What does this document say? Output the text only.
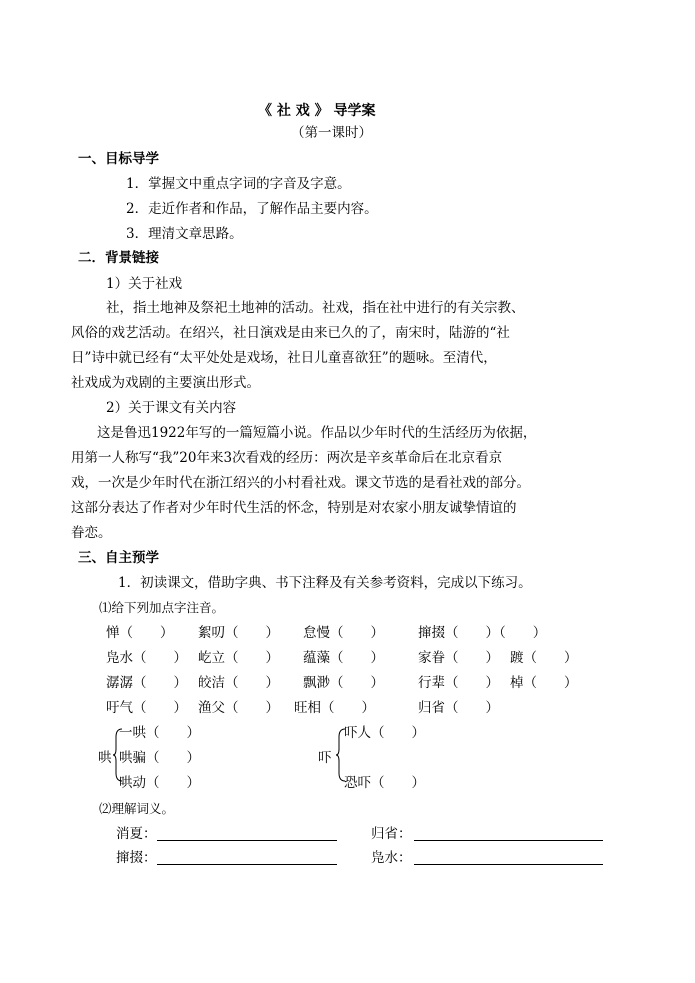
《 社 戏 》 导学案
（第一课时）
一、目标导学
1．掌握文中重点字词的字音及字意。
2．走近作者和作品，了解作品主要内容。
3．理清文章思路。
二．背景链接
1）关于社戏
社，指土地神及祭祀土地神的活动。社戏，指在社中进行的有关宗教、
风俗的戏艺活动。在绍兴，社日演戏是由来已久的了，南宋时，陆游的“社
日”诗中就已经有“太平处处是戏场，社日儿童喜欲狂”的题咏。至清代，
社戏成为戏剧的主要演出形式。
2）关于课文有关内容
这是鲁迅1922年写的一篇短篇小说。作品以少年时代的生活经历为依据，
用第一人称写“我”20年来3次看戏的经历：两次是辛亥革命后在北京看京
戏，一次是少年时代在浙江绍兴的小村看社戏。课文节选的是看社戏的部分。
这部分表达了作者对少年时代生活的怀念，特别是对农家小朋友诚挚情谊的
眷恋。
三、自主预学
1．初读课文，借助字典、书下注释及有关参考资料，完成以下练习。
⑴给下列加点字注音。
惮（　　） 絮叨（　　） 怠慢（　　）	撺掇（　　）（　　）
凫水（　　） 屹立（　　） 蕴藻（　　）	家眷（　　） 踱（　　）
潺潺（　　） 皎洁（　　） 飘渺（　　）	行辈（　　） 棹（　　）
吁气（　　） 渔父（　　） 旺相（　　）	归省（　　）
哄
一哄（　　）
哄骗（　　）
哄动（　　）
吓
吓人（　　）
恐吓（　　）
⑵理解词义。
消夏：	归省：
撺掇：	凫水：
